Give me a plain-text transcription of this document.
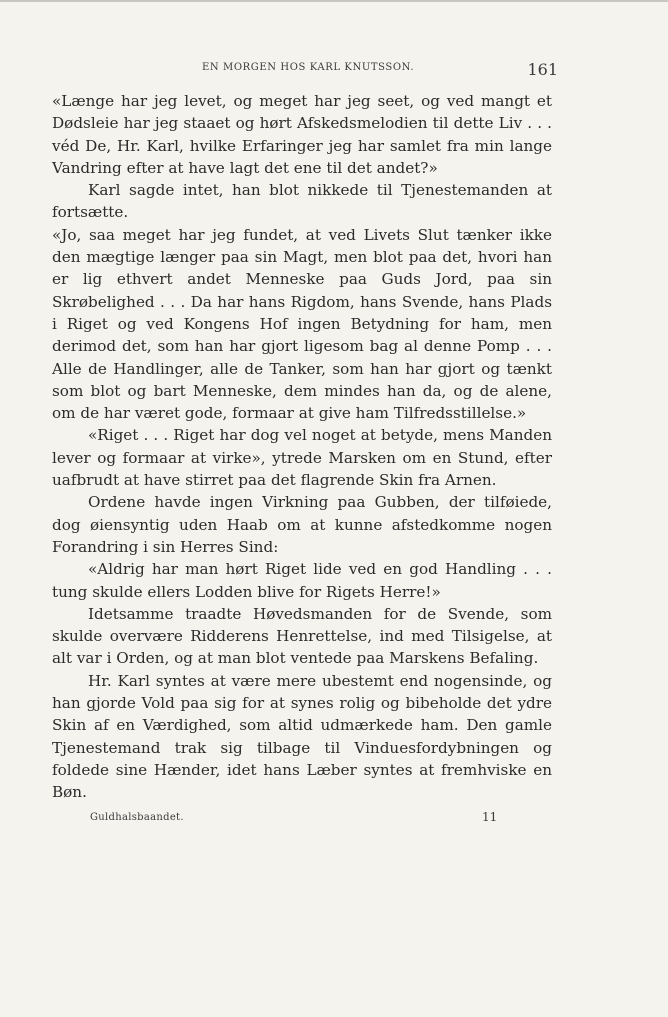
EN MORGEN HOS KARL KNUTSSON.	161

«Længe har jeg levet, og meget har jeg seet, og ved mangt et Dødsleie har jeg staaet og hørt Afskedsmelodien til dette Liv . . . véd De, Hr. Karl, hvilke Erfaringer jeg har samlet fra min lange Vandring efter at have lagt det ene til det andet?»

Karl sagde intet, han blot nikkede til Tjenestemanden at fortsætte.

«Jo, saa meget har jeg fundet, at ved Livets Slut tænker ikke den mægtige længer paa sin Magt, men blot paa det, hvori han er lig ethvert andet Menneske paa Guds Jord, paa sin Skrøbelighed . . . Da har hans Rigdom, hans Svende, hans Plads i Riget og ved Kongens Hof ingen Betydning for ham, men derimod det, som han har gjort ligesom bag al denne Pomp . . . Alle de Handlinger, alle de Tanker, som han har gjort og tænkt som blot og bart Menneske, dem mindes han da, og de alene, om de har været gode, formaar at give ham Tilfredsstillelse.»

«Riget . . . Riget har dog vel noget at betyde, mens Manden lever og formaar at virke», ytrede Marsken om en Stund, efter uafbrudt at have stirret paa det flagrende Skin fra Arnen.

Ordene havde ingen Virkning paa Gubben, der tilføiede, dog øiensyntig uden Haab om at kunne afstedkomme nogen Forandring i sin Herres Sind:

«Aldrig har man hørt Riget lide ved en god Handling . . . tung skulde ellers Lodden blive for Rigets Herre!»

Idetsamme traadte Høvedsmanden for de Svende, som skulde overvære Ridderens Henrettelse, ind med Tilsigelse, at alt var i Orden, og at man blot ventede paa Marskens Befaling.

Hr. Karl syntes at være mere ubestemt end nogensinde, og han gjorde Vold paa sig for at synes rolig og bibeholde det ydre Skin af en Værdighed, som altid udmærkede ham. Den gamle Tjenestemand trak sig tilbage til Vinduesfordybningen og foldede sine Hænder, idet hans Læber syntes at fremhviske en Bøn.

Guldhalsbaandet.	11
